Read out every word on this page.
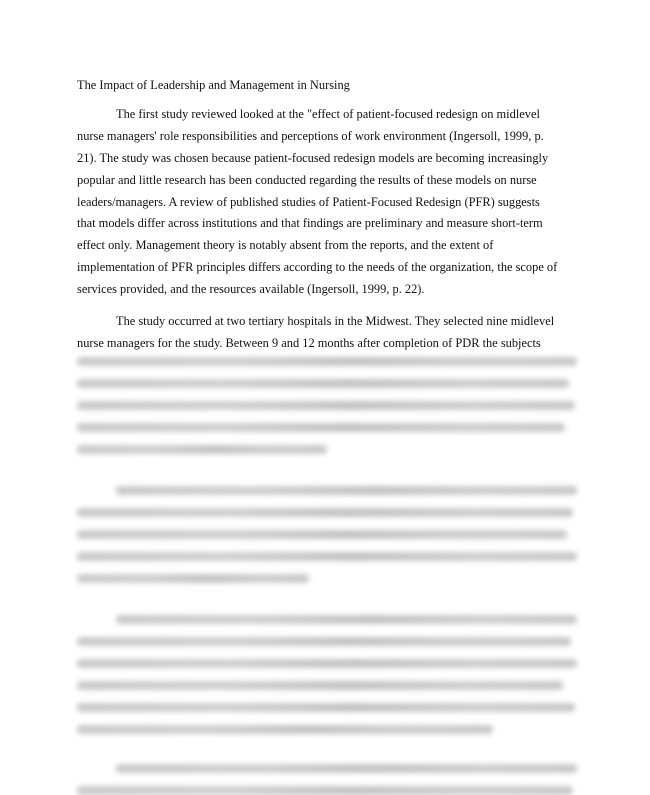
The Impact of Leadership and Management in Nursing
The first study reviewed looked at the "effect of patient-focused redesign on midlevel
nurse managers' role responsibilities and perceptions of work environment (Ingersoll, 1999, p.
21). The study was chosen because patient-focused redesign models are becoming increasingly
popular and little research has been conducted regarding the results of these models on nurse
leaders/managers. A review of published studies of Patient-Focused Redesign (PFR) suggests
that models differ across institutions and that findings are preliminary and measure short-term
effect only. Management theory is notably absent from the reports, and the extent of
implementation of PFR principles differs according to the needs of the organization, the scope of
services provided, and the resources available (Ingersoll, 1999, p. 22).
The study occurred at two tertiary hospitals in the Midwest. They selected nine midlevel
nurse managers for the study. Between 9 and 12 months after completion of PDR the subjects
